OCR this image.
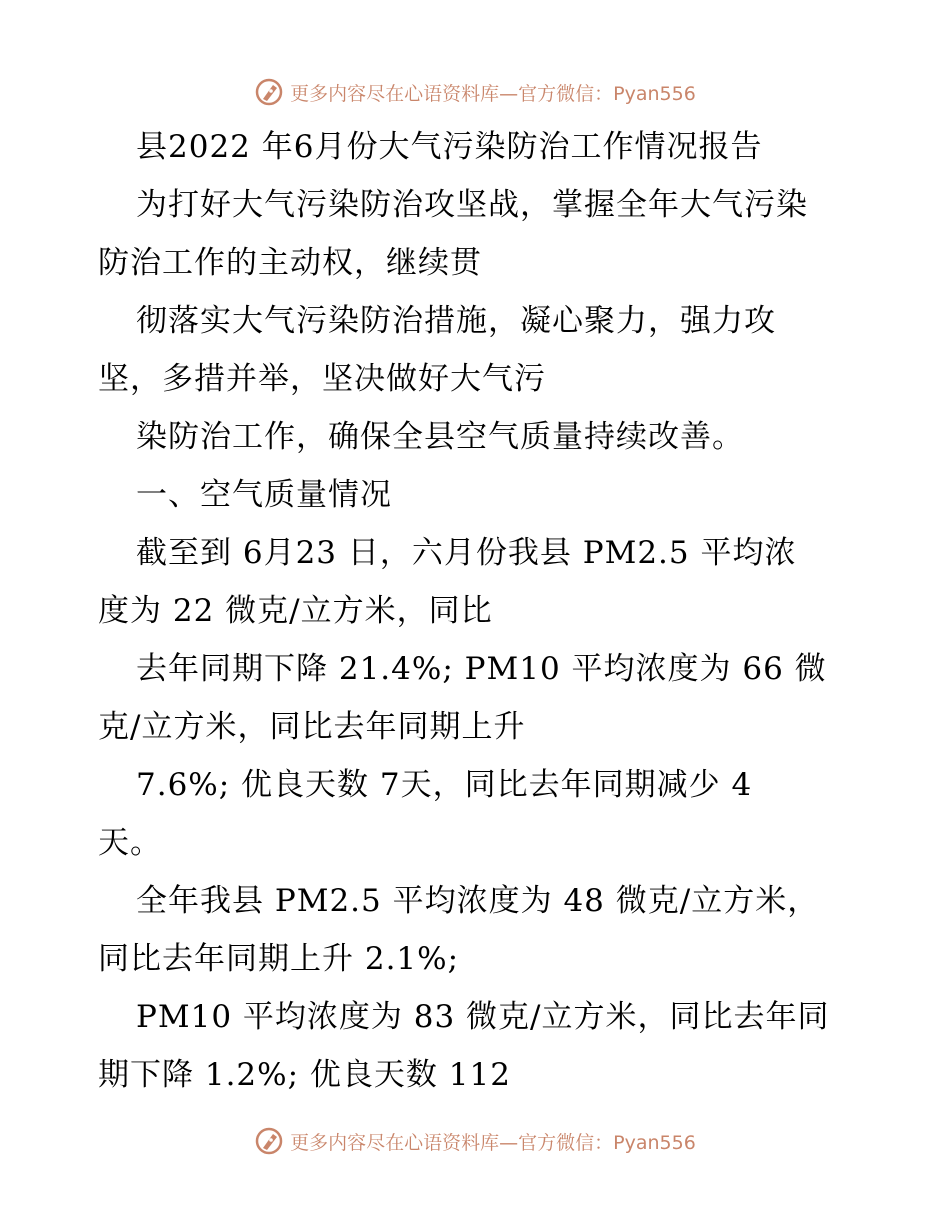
更多内容尽在心语资料库—官方微信：Pyan556
县2022 年6月份大气污染防治工作情况报告
为打好大气污染防治攻坚战，掌握全年大气污染
防治工作的主动权，继续贯
彻落实大气污染防治措施，凝心聚力，强力攻
坚，多措并举，坚决做好大气污
染防治工作，确保全县空气质量持续改善。
一、空气质量情况
截至到 6月23 日，六月份我县 PM2.5 平均浓
度为 22 微克/立方米，同比
去年同期下降 21.4%; PM10 平均浓度为 66 微
克/立方米，同比去年同期上升
7.6%; 优良天数 7天，同比去年同期减少 4
天。
全年我县 PM2.5 平均浓度为 48 微克/立方米，
同比去年同期上升 2.1%;
PM10 平均浓度为 83 微克/立方米，同比去年同
期下降 1.2%; 优良天数 112
更多内容尽在心语资料库—官方微信：Pyan556
